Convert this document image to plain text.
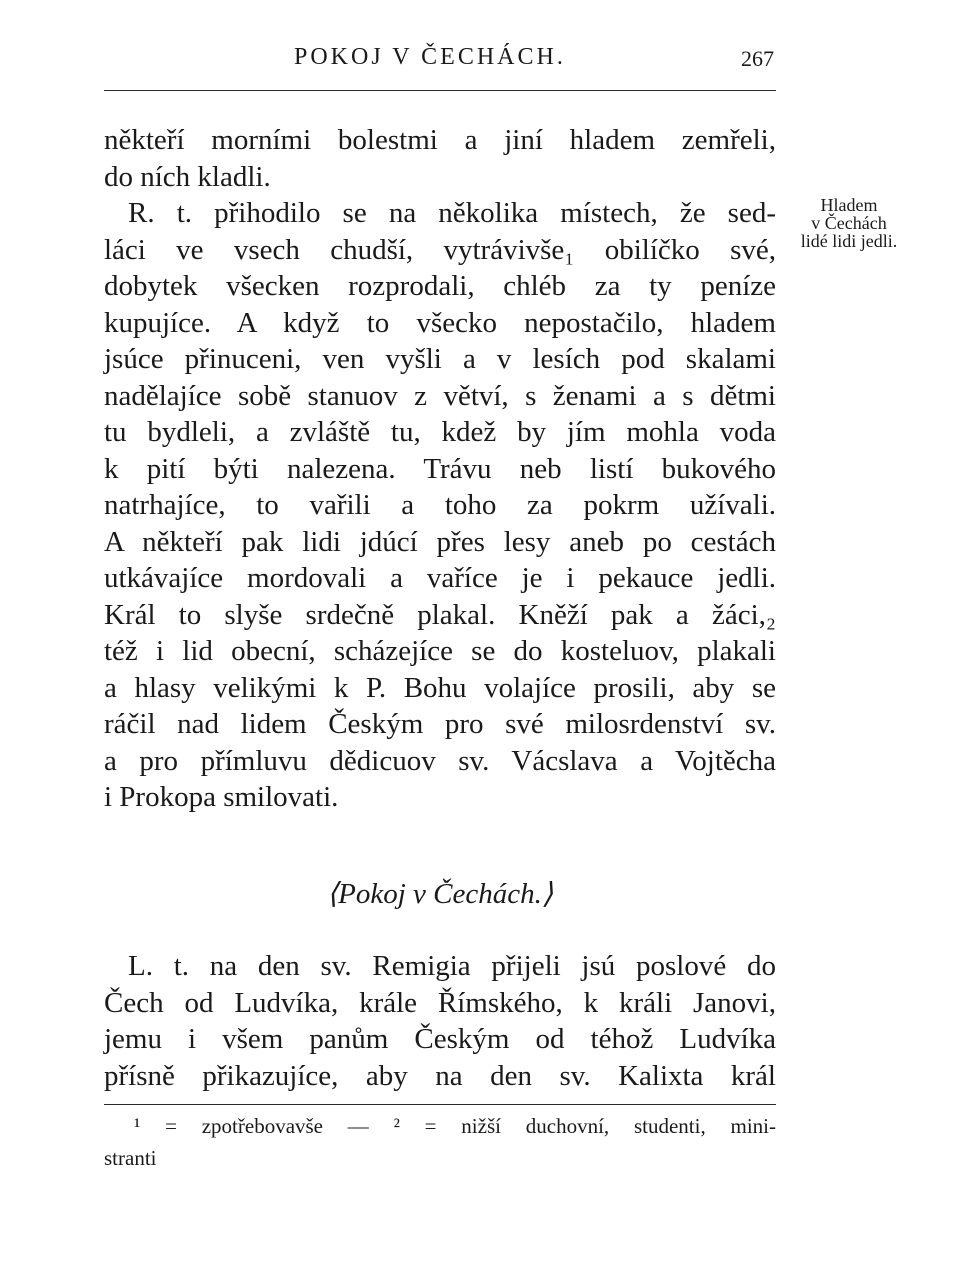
POKOJ V ČECHÁCH.	267
někteří morními bolestmi a jiní hladem zemřeli,
do ních kladli.
R. t. přihodilo se na několika místech, že sed-
láci ve vsech chudší, vytrávivše₁ obilíčko své,
dobytek všecken rozprodali, chléb za ty peníze
kupujíce. A když to všecko nepostačilo, hladem
jsúce přinuceni, ven vyšli a v lesích pod skalami
nadělajíce sobě stanuov z větví, s ženami a s dětmi
tu bydleli, a zvláště tu, kdež by jím mohla voda
k pití býti nalezena. Trávu neb listí bukového
natrhajíce, to vařili a toho za pokrm užívali.
A někteří pak lidi jdúcí přes lesy aneb po cestách
utkávajíce mordovali a vaříce je i pekauce jedli.
Král to slyše srdečně plakal. Kněží pak a žáci,₂
též i lid obecní, scházejíce se do kosteluov, plakali
a hlasy velikými k P. Bohu volajíce prosili, aby se
ráčil nad lidem Českým pro své milosrdenství sv.
a pro přímluvu dědicuov sv. Vácslava a Vojtěcha
i Prokopa smilovati.
Hladem
v Čechách
lidé lidi jedli.
⟨Pokoj v Čechách.⟩
L. t. na den sv. Remigia přijeli jsú poslové do
Čech od Ludvíka, krále Římského, k králi Janovi,
jemu i všem panům Českým od téhož Ludvíka
přísně přikazujíce, aby na den sv. Kalixta král
¹ = zpotřebovavše — ² = nižší duchovní, studenti, mini-
stranti
